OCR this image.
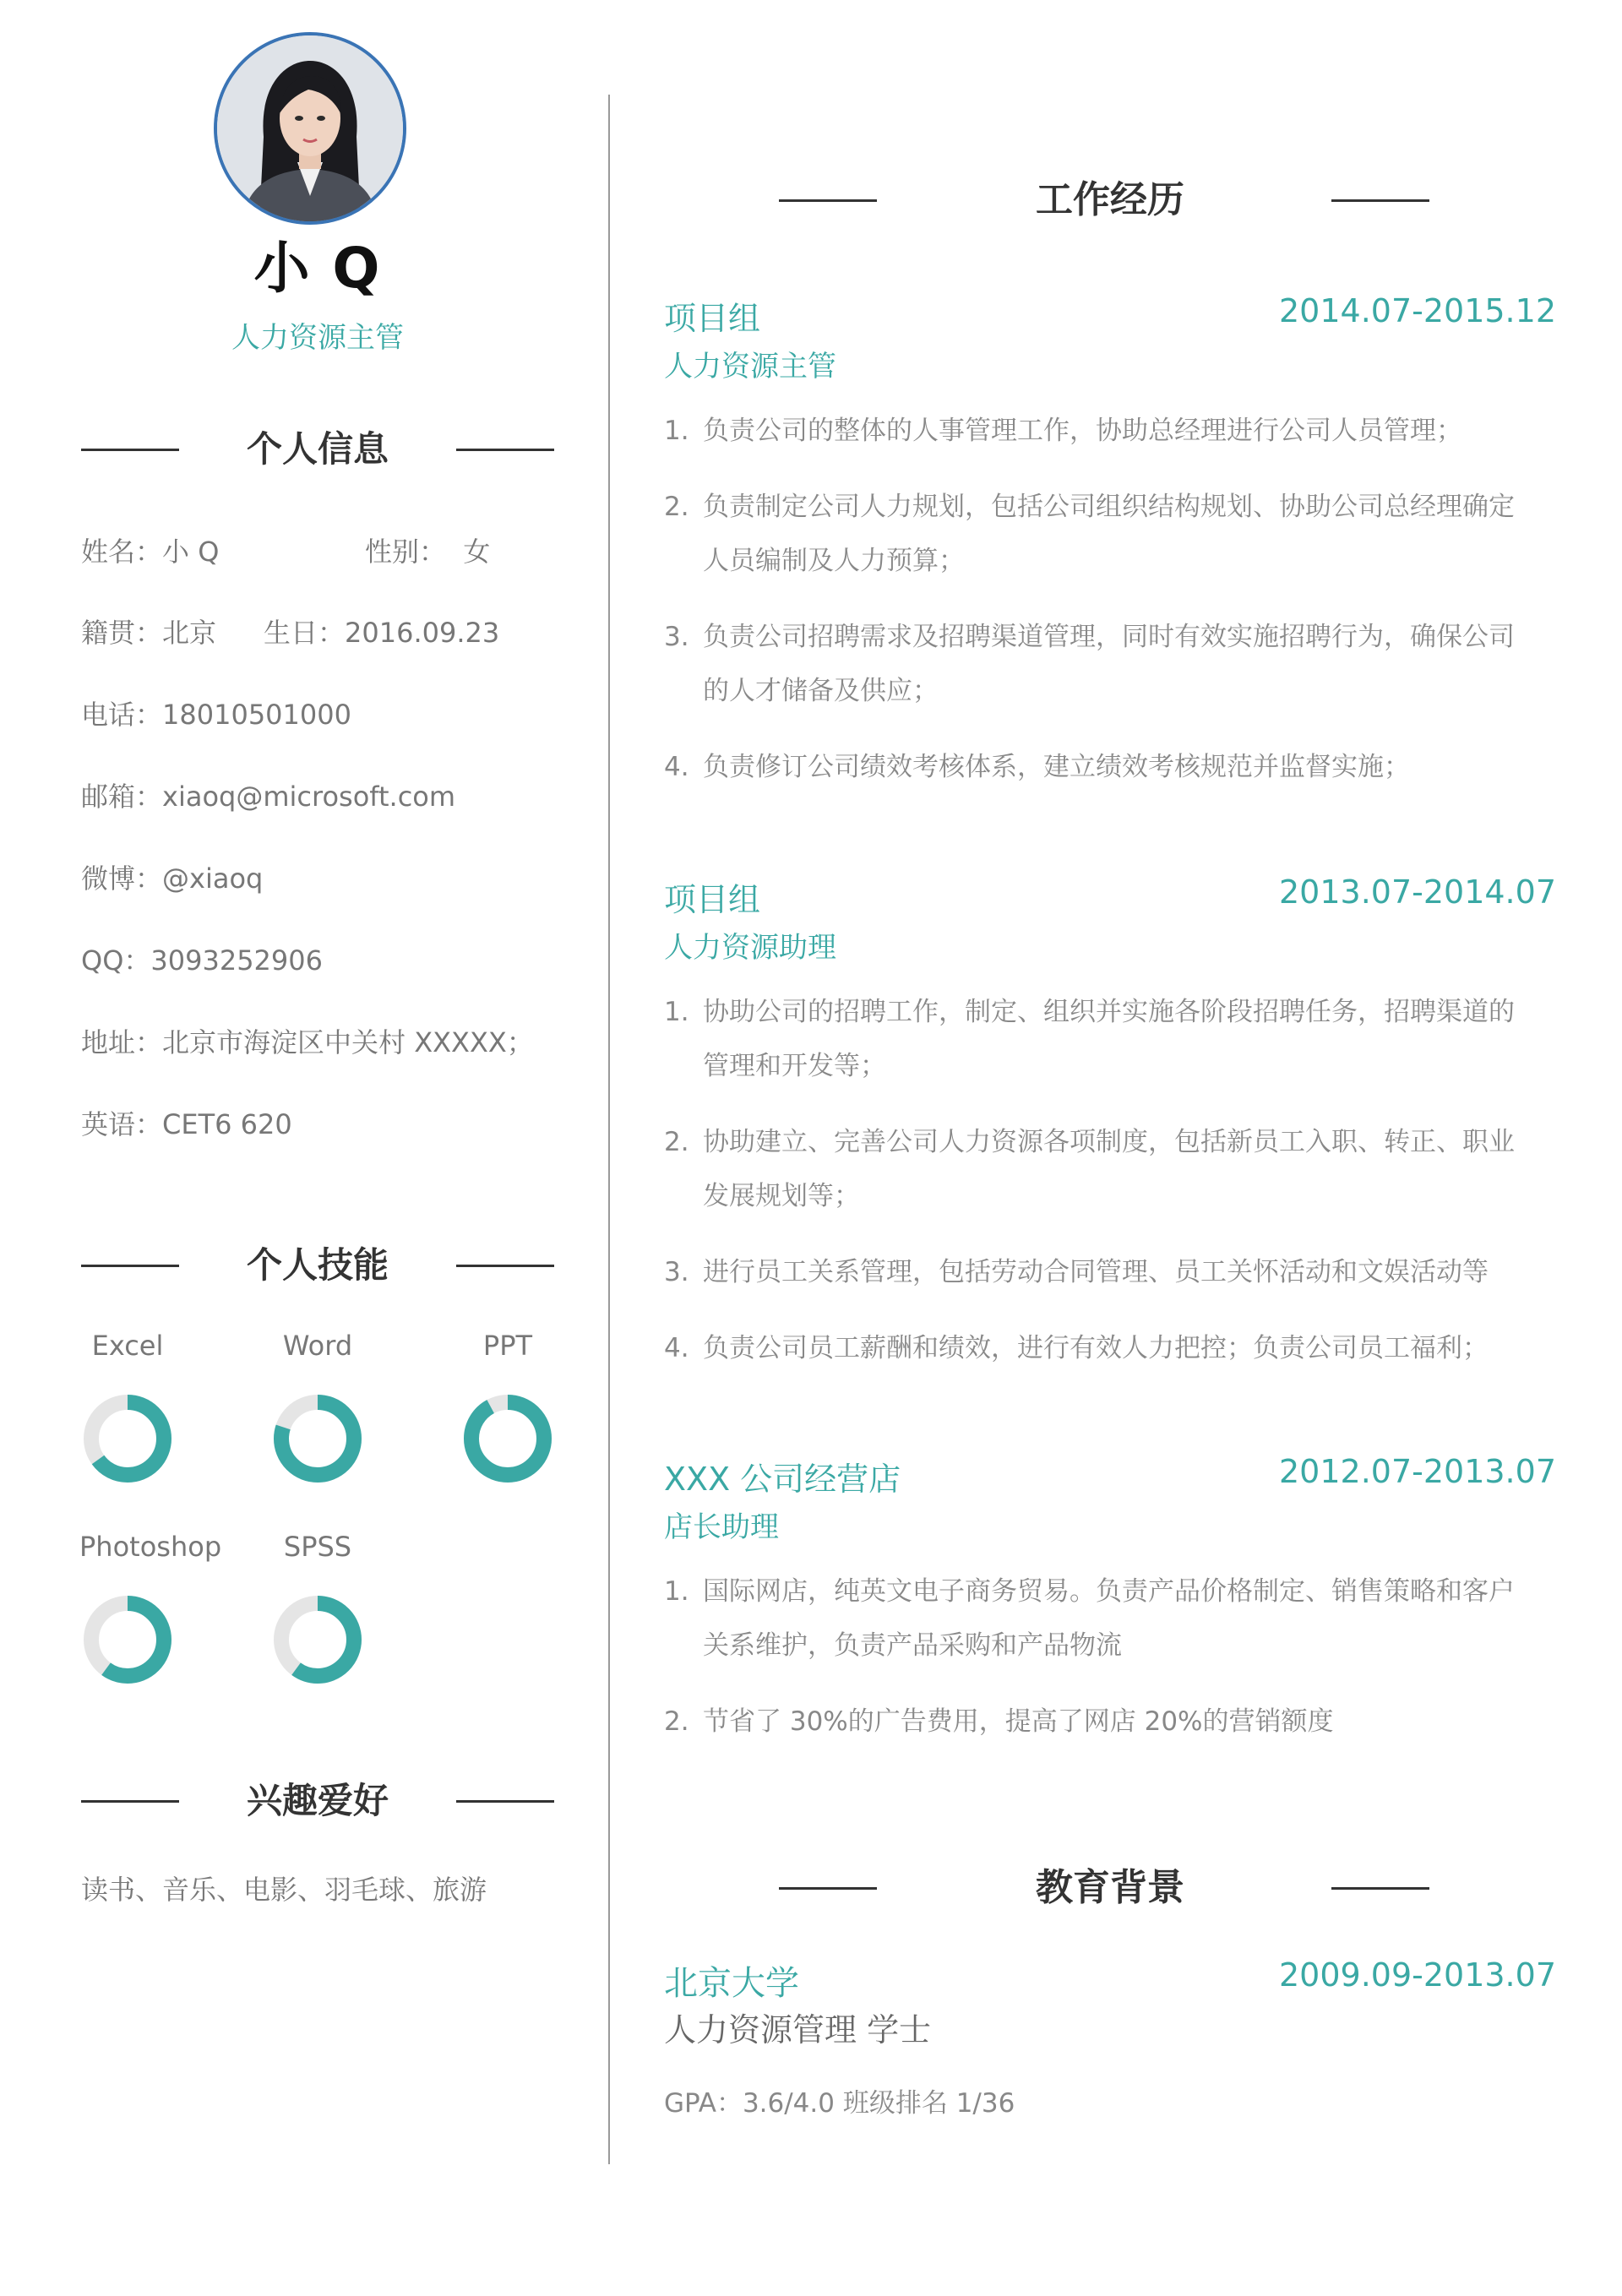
小 Q
人力资源主管
个人信息
姓名：小 Q	性别： 女
籍贯：北京 生日：2016.09.23
电话：18010501000
邮箱：xiaoq@microsoft.com
微博：@xiaoq
QQ：3093252906
地址：北京市海淀区中关村 XXXXX；
英语：CET6 620
个人技能
Excel	Word	PPT
Photoshop	SPSS
兴趣爱好
读书、音乐、电影、羽毛球、旅游
工作经历
项目组	2014.07-2015.12
人力资源主管
1. 负责公司的整体的人事管理工作，协助总经理进行公司人员管理；
2. 负责制定公司人力规划，包括公司组织结构规划、协助公司总经理确定人员编制及人力预算；
3. 负责公司招聘需求及招聘渠道管理，同时有效实施招聘行为，确保公司的人才储备及供应；
4. 负责修订公司绩效考核体系，建立绩效考核规范并监督实施；
项目组	2013.07-2014.07
人力资源助理
1. 协助公司的招聘工作，制定、组织并实施各阶段招聘任务，招聘渠道的管理和开发等；
2. 协助建立、完善公司人力资源各项制度，包括新员工入职、转正、职业发展规划等；
3. 进行员工关系管理，包括劳动合同管理、员工关怀活动和文娱活动等
4. 负责公司员工薪酬和绩效，进行有效人力把控；负责公司员工福利；
XXX 公司经营店	2012.07-2013.07
店长助理
1. 国际网店，纯英文电子商务贸易。负责产品价格制定、销售策略和客户关系维护，负责产品采购和产品物流
2. 节省了 30%的广告费用，提高了网店 20%的营销额度
教育背景
北京大学	2009.09-2013.07
人力资源管理 学士
GPA：3.6/4.0 班级排名 1/36
